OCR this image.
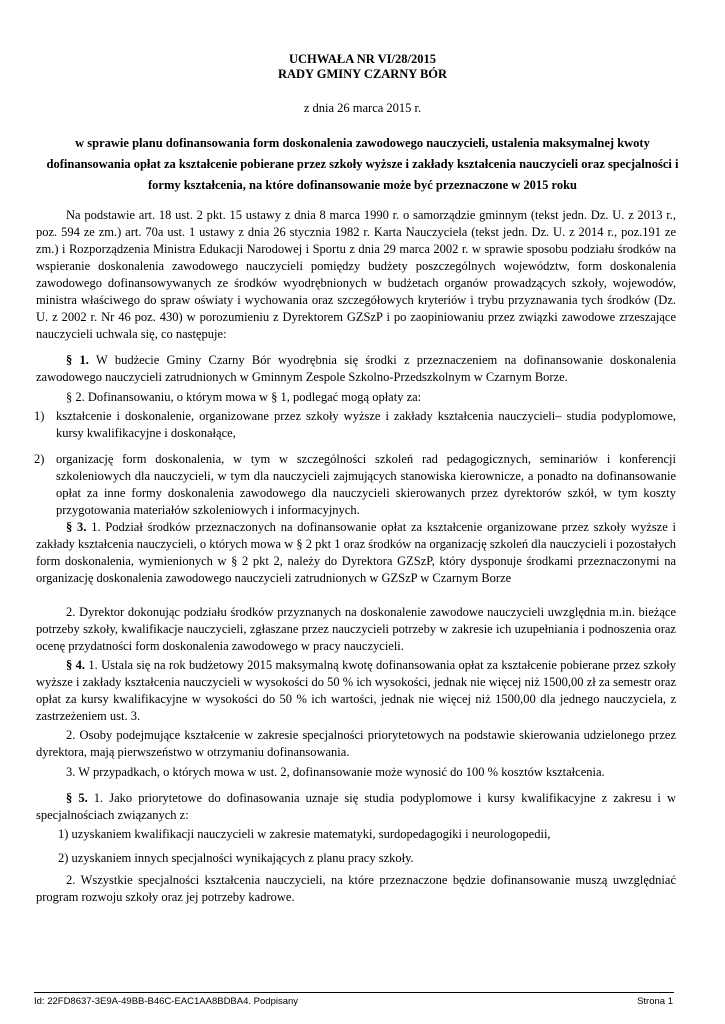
UCHWAŁA NR VI/28/2015
RADY GMINY CZARNY BÓR
z dnia 26 marca 2015 r.
w sprawie planu dofinansowania form doskonalenia zawodowego nauczycieli, ustalenia maksymalnej kwoty dofinansowania opłat za kształcenie pobierane przez szkoły wyższe i zakłady kształcenia nauczycieli oraz specjalności i formy kształcenia, na które dofinansowanie może być przeznaczone w 2015 roku
Na podstawie art. 18 ust. 2 pkt. 15 ustawy z dnia 8 marca 1990 r. o samorządzie gminnym (tekst jedn. Dz. U. z 2013 r., poz. 594 ze zm.) art. 70a ust. 1 ustawy z dnia 26 stycznia 1982 r. Karta Nauczyciela (tekst jedn. Dz. U. z 2014 r., poz.191 ze zm.) i Rozporządzenia Ministra Edukacji Narodowej i Sportu z dnia 29 marca 2002 r. w sprawie sposobu podziału środków na wspieranie doskonalenia zawodowego nauczycieli pomiędzy budżety poszczególnych województw, form doskonalenia zawodowego dofinansowywanych ze środków wyodrębnionych w budżetach organów prowadzących szkoły, wojewodów, ministra właściwego do spraw oświaty i wychowania oraz szczegółowych kryteriów i trybu przyznawania tych środków (Dz. U. z 2002 r. Nr 46 poz. 430) w porozumieniu z Dyrektorem GZSzP i po zaopiniowaniu przez związki zawodowe zrzeszające nauczycieli uchwala się, co następuje:
§ 1. W budżecie Gminy Czarny Bór wyodrębnia się środki z przeznaczeniem na dofinansowanie doskonalenia zawodowego nauczycieli zatrudnionych w Gminnym Zespole Szkolno-Przedszkolnym w Czarnym Borze.
§ 2. Dofinansowaniu, o którym mowa w § 1, podlegać mogą opłaty za:
1) kształcenie i doskonalenie, organizowane przez szkoły wyższe i zakłady kształcenia nauczycieli– studia podyplomowe, kursy kwalifikacyjne i doskonałące,
2) organizację form doskonalenia, w tym w szczególności szkoleń rad pedagogicznych, seminariów i konferencji szkoleniowych dla nauczycieli, w tym dla nauczycieli zajmujących stanowiska kierownicze, a ponadto na dofinansowanie opłat za inne formy doskonalenia zawodowego dla nauczycieli skierowanych przez dyrektorów szkół, w tym koszty przygotowania materiałów szkoleniowych i informacyjnych.
§ 3. 1. Podział środków przeznaczonych na dofinansowanie opłat za kształcenie organizowane przez szkoły wyższe i zakłady kształcenia nauczycieli, o których mowa w § 2 pkt 1 oraz środków na organizację szkoleń dla nauczycieli i pozostałych form doskonalenia, wymienionych w § 2 pkt 2, należy do Dyrektora GZSzP, który dysponuje środkami przeznaczonymi na organizację doskonalenia zawodowego nauczycieli zatrudnionych w GZSzP w Czarnym Borze
2. Dyrektor dokonując podziału środków przyznanych na doskonalenie zawodowe nauczycieli uwzględnia m.in. bieżące potrzeby szkoły, kwalifikacje nauczycieli, zgłaszane przez nauczycieli potrzeby w zakresie ich uzupełniania i podnoszenia oraz ocenę przydatności form doskonalenia zawodowego w pracy nauczycieli.
§ 4. 1. Ustala się na rok budżetowy 2015 maksymalną kwotę dofinansowania opłat za kształcenie pobierane przez szkoły wyższe i zakłady kształcenia nauczycieli w wysokości do 50 % ich wysokości, jednak nie więcej niż 1500,00 zł za semestr oraz opłat za kursy kwalifikacyjne w wysokości do 50 % ich wartości, jednak nie więcej niż 1500,00 dla jednego nauczyciela, z zastrzeżeniem ust. 3.
2. Osoby podejmujące kształcenie w zakresie specjalności priorytetowych na podstawie skierowania udzielonego przez dyrektora, mają pierwszeństwo w otrzymaniu dofinansowania.
3. W przypadkach, o których mowa w ust. 2, dofinansowanie może wynosić do 100 % kosztów kształcenia.
§ 5. 1. Jako priorytetowe do dofinasowania uznaje się studia podyplomowe i kursy kwalifikacyjne z zakresu i w specjalnościach związanych z:
1) uzyskaniem kwalifikacji nauczycieli w zakresie matematyki, surdopedagogiki i neurologopedii,
2) uzyskaniem innych specjalności wynikających z planu pracy szkoły.
2. Wszystkie specjalności kształcenia nauczycieli, na które przeznaczone będzie dofinansowanie muszą uwzględniać program rozwoju szkoły oraz jej potrzeby kadrowe.
Id: 22FD8637-3E9A-49BB-B46C-EAC1AA8BDBA4. Podpisany	Strona 1
